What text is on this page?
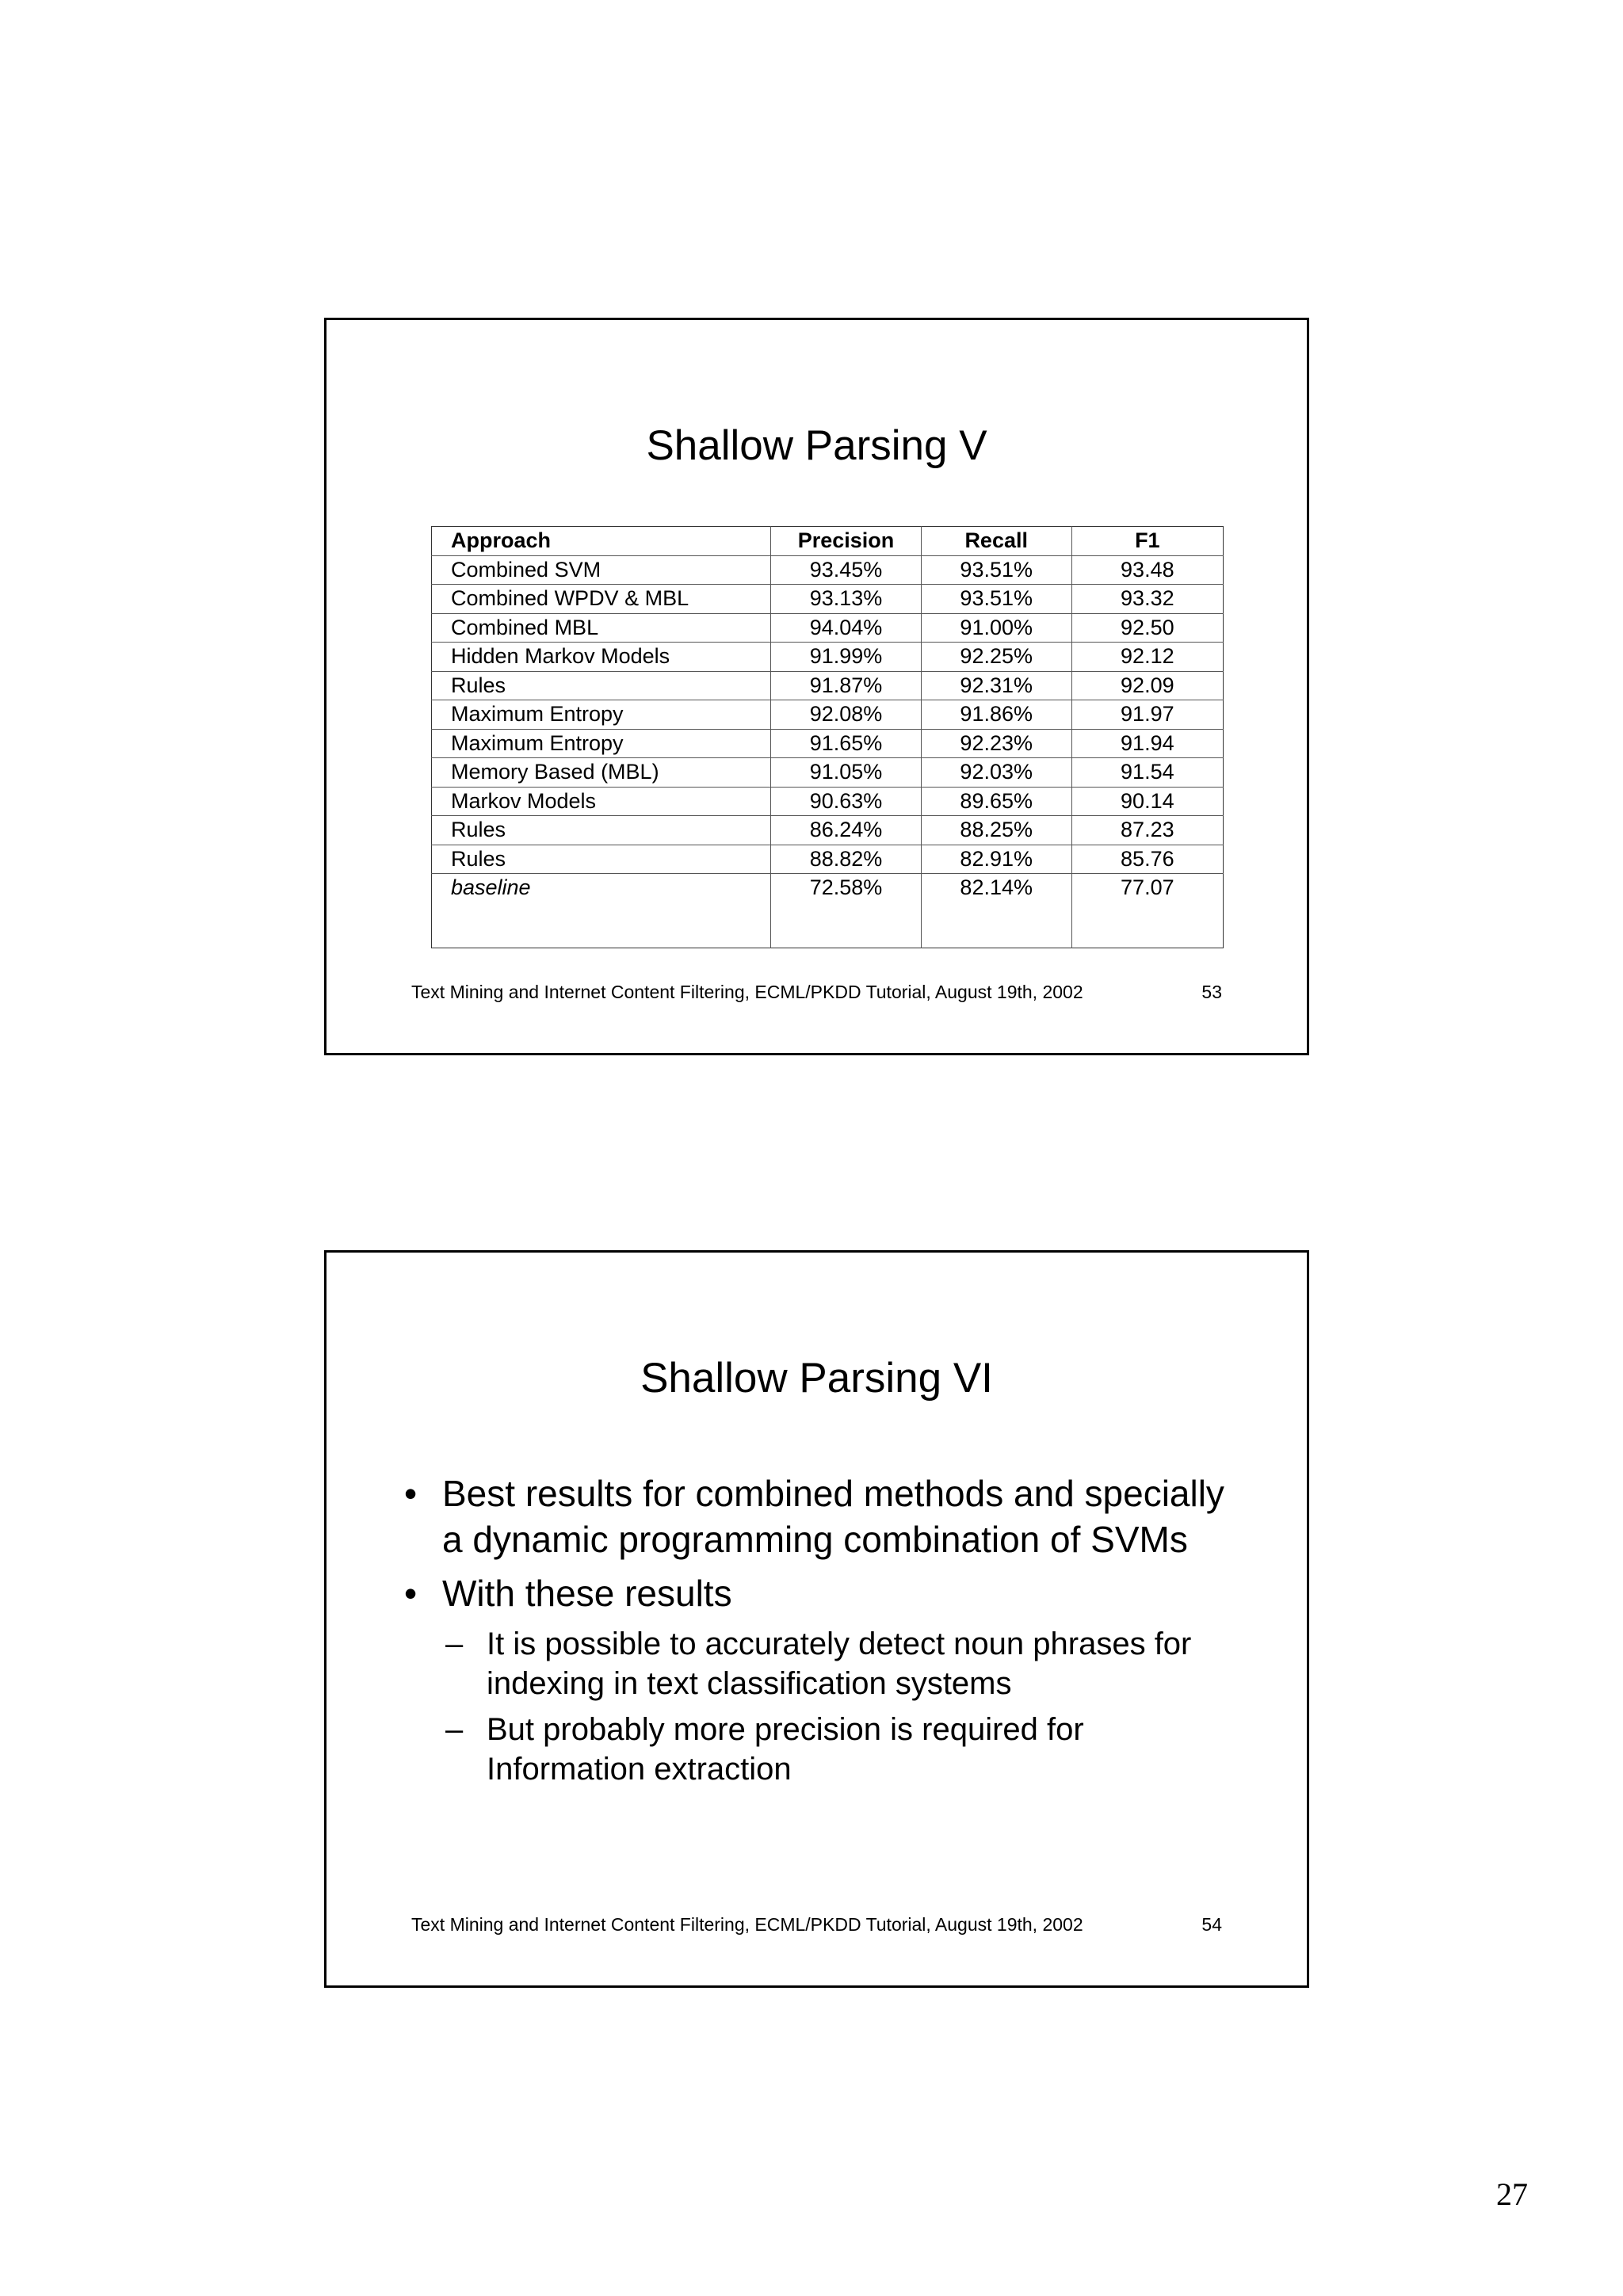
Shallow Parsing V
Approach	Precision	Recall	F1
Combined SVM	93.45%	93.51%	93.48
Combined WPDV & MBL	93.13%	93.51%	93.32
Combined MBL	94.04%	91.00%	92.50
Hidden Markov Models	91.99%	92.25%	92.12
Rules	91.87%	92.31%	92.09
Maximum Entropy	92.08%	91.86%	91.97
Maximum Entropy	91.65%	92.23%	91.94
Memory Based (MBL)	91.05%	92.03%	91.54
Markov Models	90.63%	89.65%	90.14
Rules	86.24%	88.25%	87.23
Rules	88.82%	82.91%	85.76
baseline	72.58%	82.14%	77.07
Text Mining and Internet Content Filtering, ECML/PKDD Tutorial, August 19th, 2002	53
Shallow Parsing VI
• Best results for combined methods and specially a dynamic programming combination of SVMs
• With these results
– It is possible to accurately detect noun phrases for indexing in text classification systems
– But probably more precision is required for Information extraction
Text Mining and Internet Content Filtering, ECML/PKDD Tutorial, August 19th, 2002	54
27
